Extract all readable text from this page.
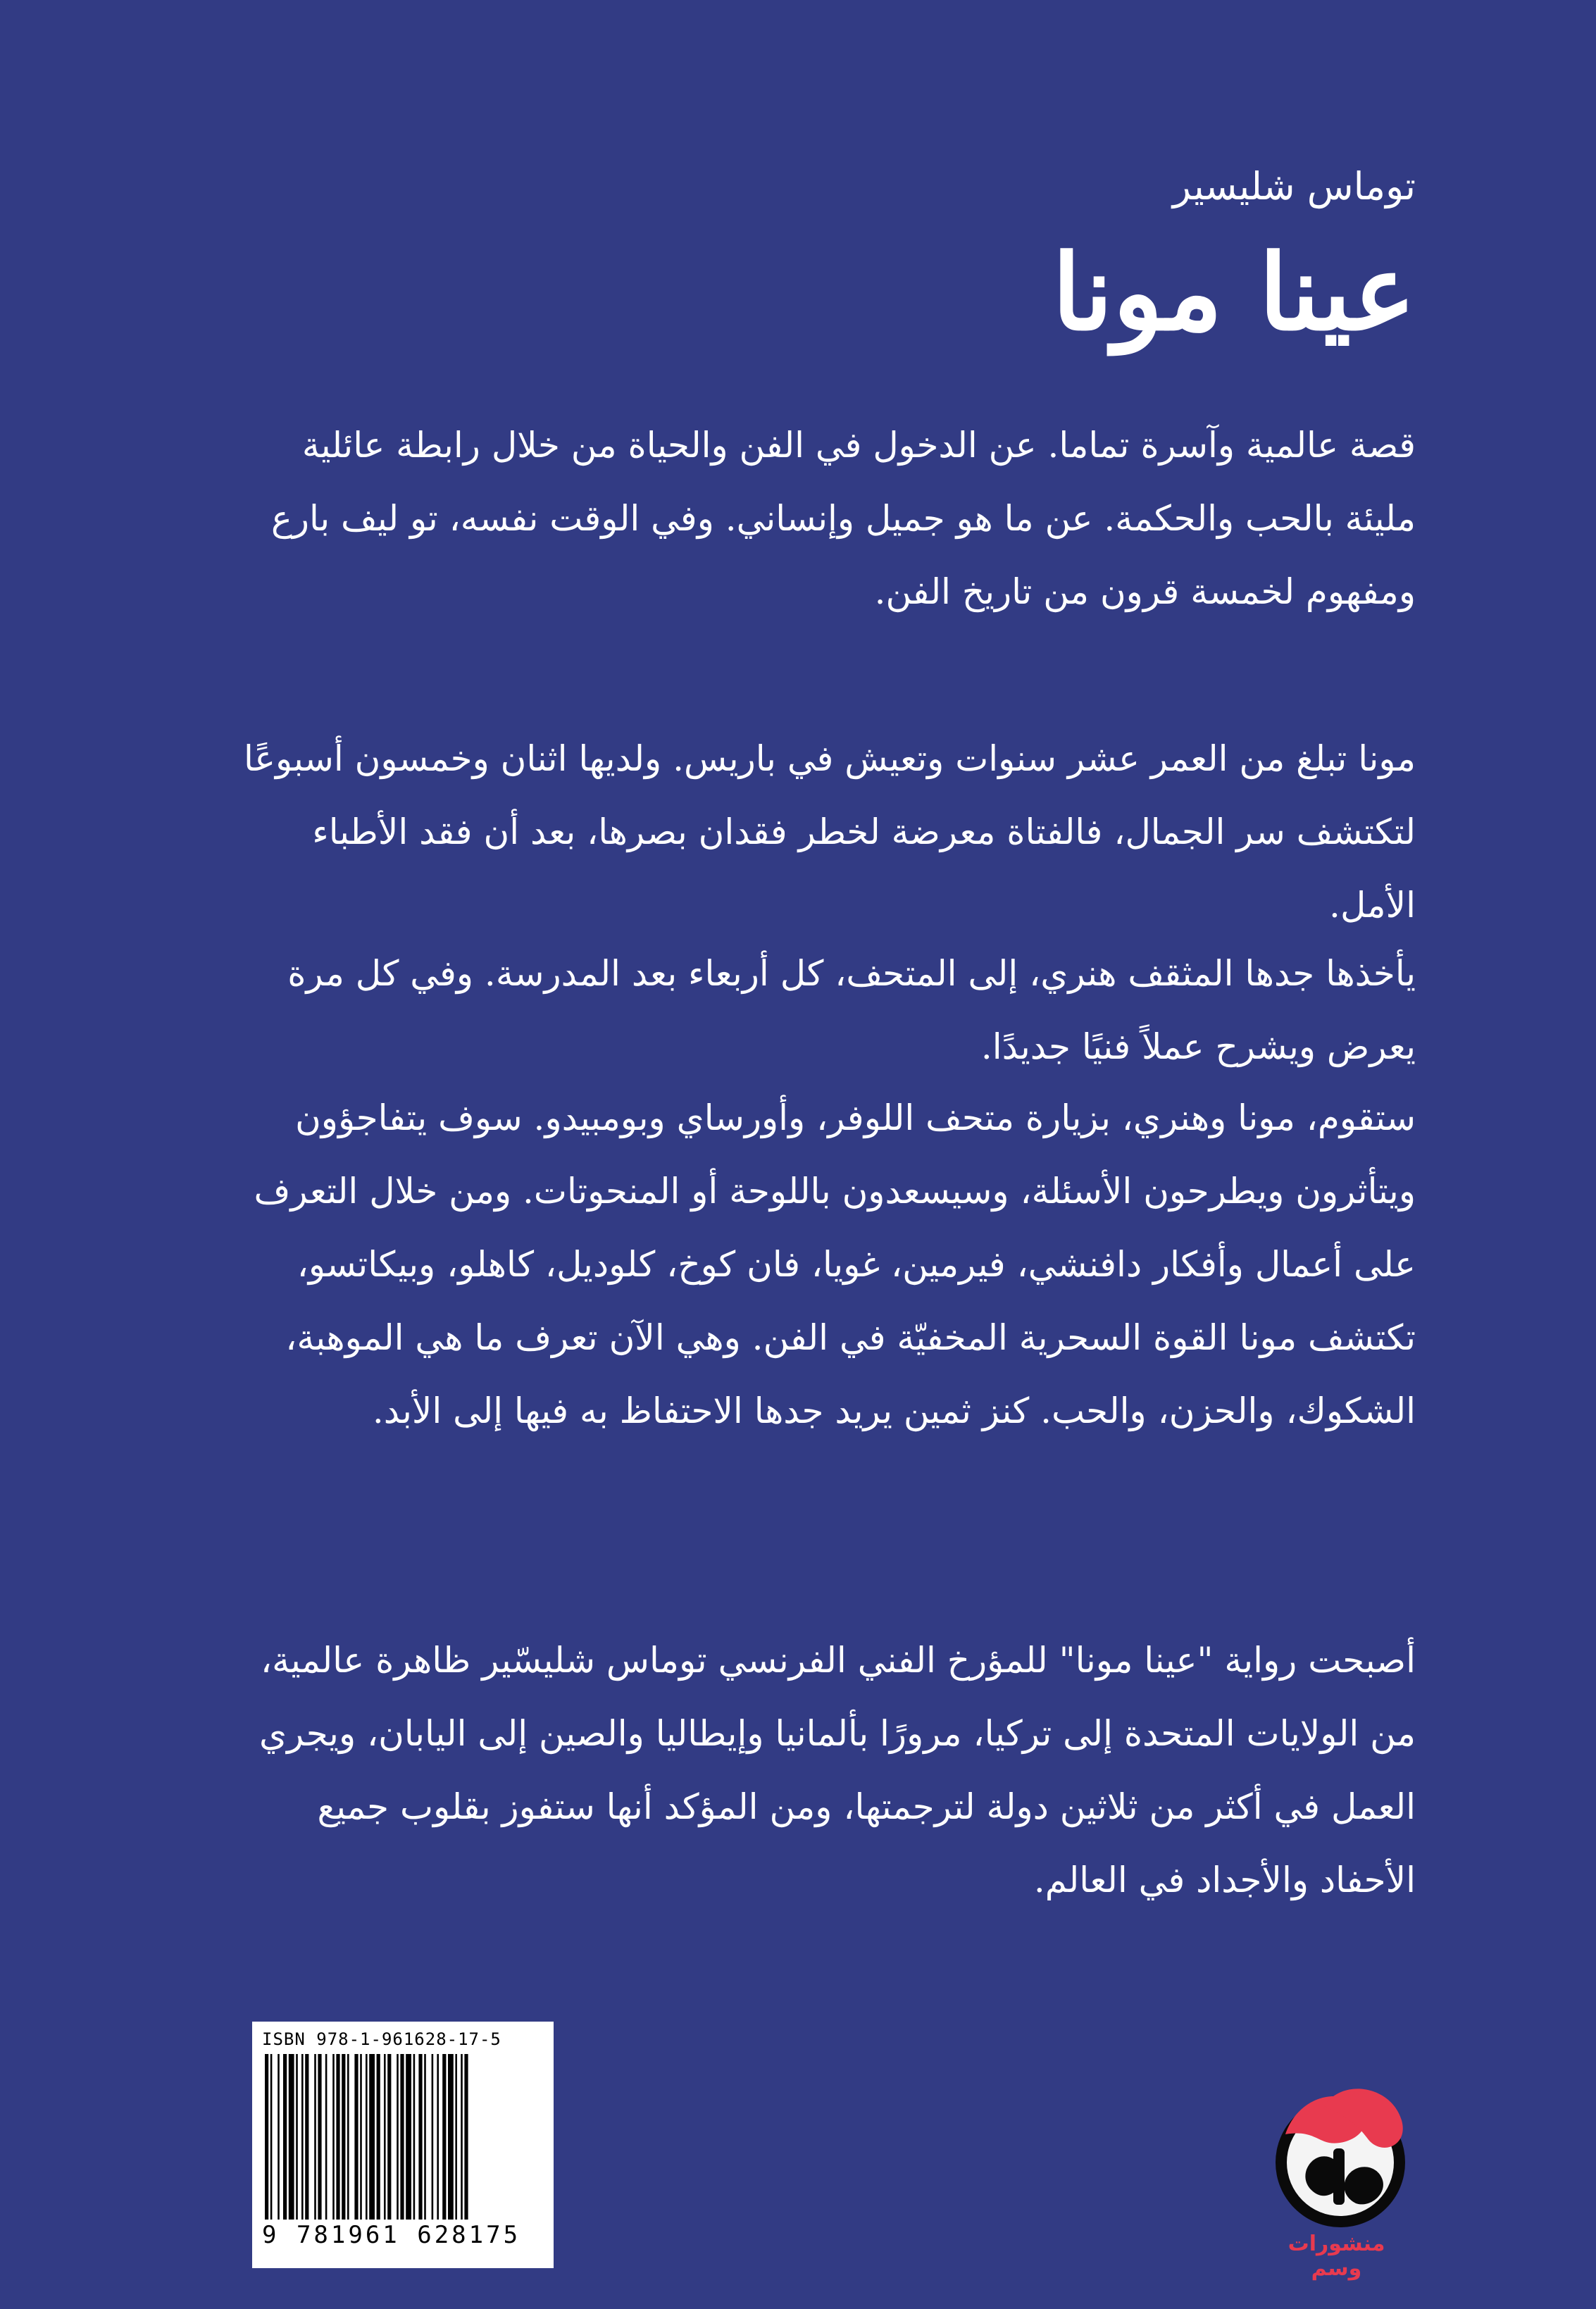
توماس شليسير
عينا مونا
قصة عالمية وآسرة تماما. عن الدخول في الفن والحياة من خلال رابطة عائلية مليئة بالحب والحكمة. عن ما هو جميل وإنساني. وفي الوقت نفسه، تو ليف بارع ومفهوم لخمسة قرون من تاريخ الفن.
مونا تبلغ من العمر عشر سنوات وتعيش في باريس. ولديها اثنان وخمسون أسبوعًا لتكتشف سر الجمال، فالفتاة معرضة لخطر فقدان بصرها، بعد أن فقد الأطباء الأمل.
يأخذها جدها المثقف هنري، إلى المتحف، كل أربعاء بعد المدرسة. وفي كل مرة يعرض ويشرح عملاً فنيًا جديدًا.
ستقوم، مونا وهنري، بزيارة متحف اللوفر، وأورساي وبومبيدو. سوف يتفاجؤون ويتأثرون ويطرحون الأسئلة، وسيسعدون باللوحة أو المنحوتات. ومن خلال التعرف على أعمال وأفكار دافنشي، فيرمين، غويا، فان كوخ، كلوديل، كاهلو، وبيكاتسو، تكتشف مونا القوة السحرية المخفيّة في الفن. وهي الآن تعرف ما هي الموهبة، الشكوك، والحزن، والحب. كنز ثمين يريد جدها الاحتفاظ به فيها إلى الأبد.
أصبحت رواية "عينا مونا" للمؤرخ الفني الفرنسي توماس شليسّير ظاهرة عالمية، من الولايات المتحدة إلى تركيا، مرورًا بألمانيا وإيطاليا والصين إلى اليابان، ويجري العمل في أكثر من ثلاثين دولة لترجمتها، ومن المؤكد أنها ستفوز بقلوب جميع الأحفاد والأجداد في العالم.
ISBN 978-1-961628-17-5
9 781961 628175	منشورات وسم
